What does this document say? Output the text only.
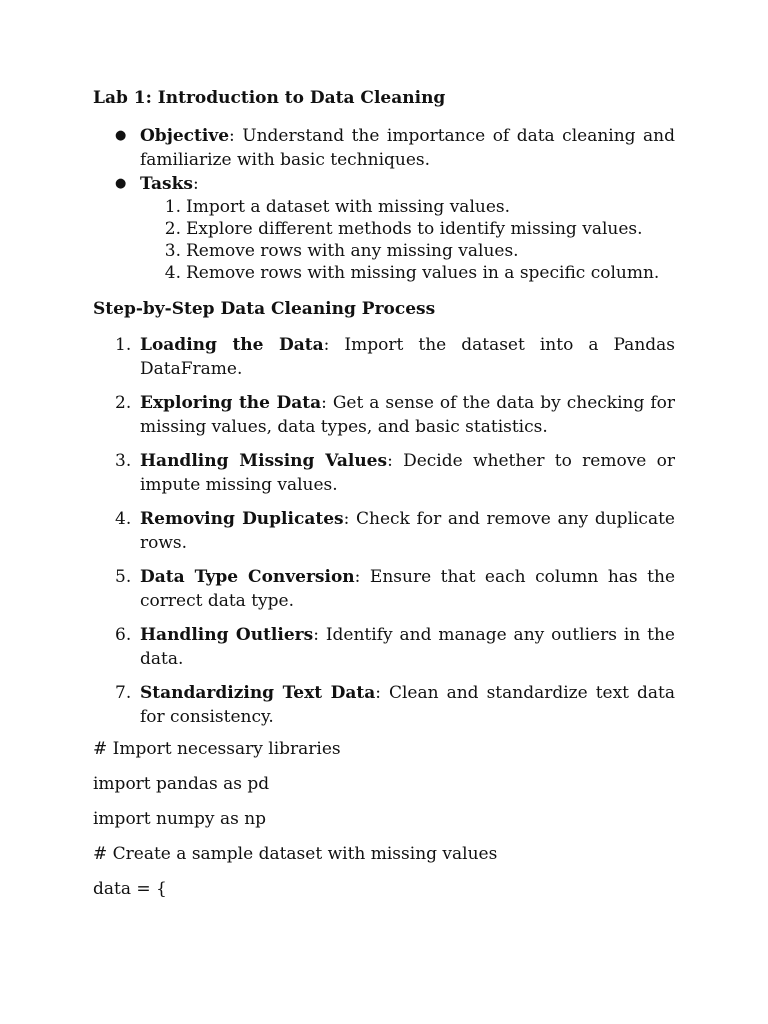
Lab 1: Introduction to Data Cleaning

● Objective: Understand the importance of data cleaning and familiarize with basic techniques.
● Tasks:
1. Import a dataset with missing values.
2. Explore different methods to identify missing values.
3. Remove rows with any missing values.
4. Remove rows with missing values in a specific column.

Step-by-Step Data Cleaning Process

1. Loading the Data: Import the dataset into a Pandas DataFrame.
2. Exploring the Data: Get a sense of the data by checking for missing values, data types, and basic statistics.
3. Handling Missing Values: Decide whether to remove or impute missing values.
4. Removing Duplicates: Check for and remove any duplicate rows.
5. Data Type Conversion: Ensure that each column has the correct data type.
6. Handling Outliers: Identify and manage any outliers in the data.
7. Standardizing Text Data: Clean and standardize text data for consistency.

# Import necessary libraries

import pandas as pd

import numpy as np

# Create a sample dataset with missing values

data = {
